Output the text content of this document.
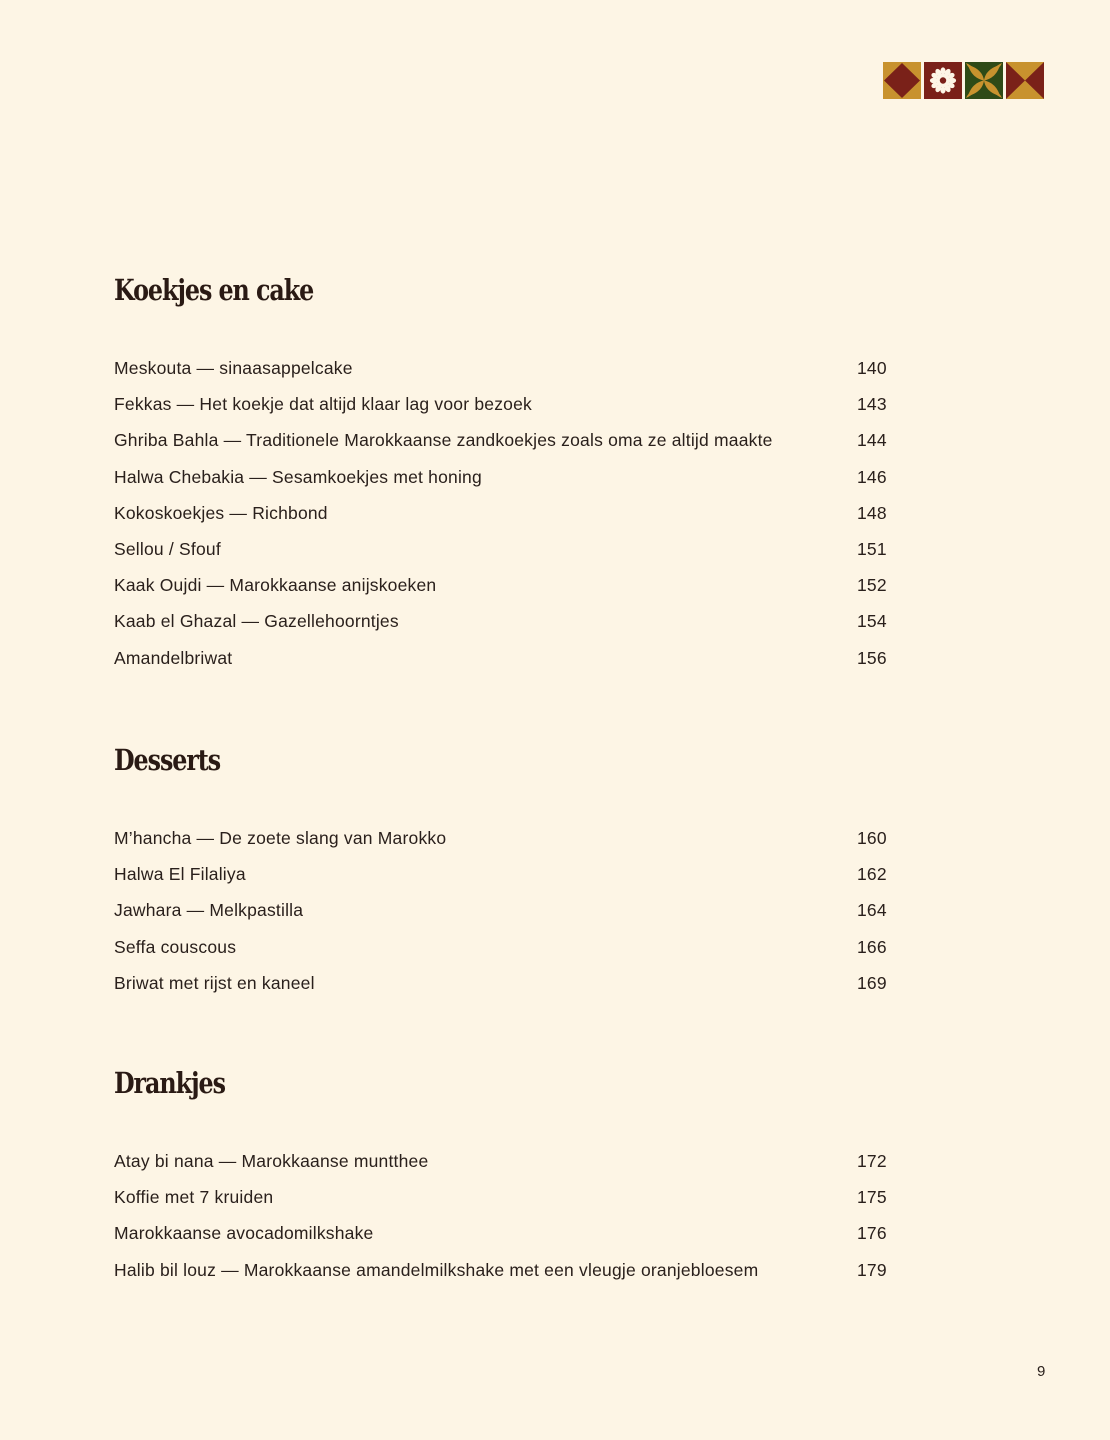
Koekjes en cake
Meskouta — sinaasappelcake	140
Fekkas — Het koekje dat altijd klaar lag voor bezoek	143
Ghriba Bahla — Traditionele Marokkaanse zandkoekjes zoals oma ze altijd maakte	144
Halwa Chebakia — Sesamkoekjes met honing	146
Kokoskoekjes — Richbond	148
Sellou / Sfouf	151
Kaak Oujdi — Marokkaanse anijskoeken	152
Kaab el Ghazal — Gazellehoorntjes	154
Amandelbriwat	156
Desserts
M’hancha — De zoete slang van Marokko	160
Halwa El Filaliya	162
Jawhara — Melkpastilla	164
Seffa couscous	166
Briwat met rijst en kaneel	169
Drankjes
Atay bi nana — Marokkaanse muntthee	172
Koffie met 7 kruiden	175
Marokkaanse avocadomilkshake	176
Halib bil louz — Marokkaanse amandelmilkshake met een vleugje oranjebloesem	179
9
